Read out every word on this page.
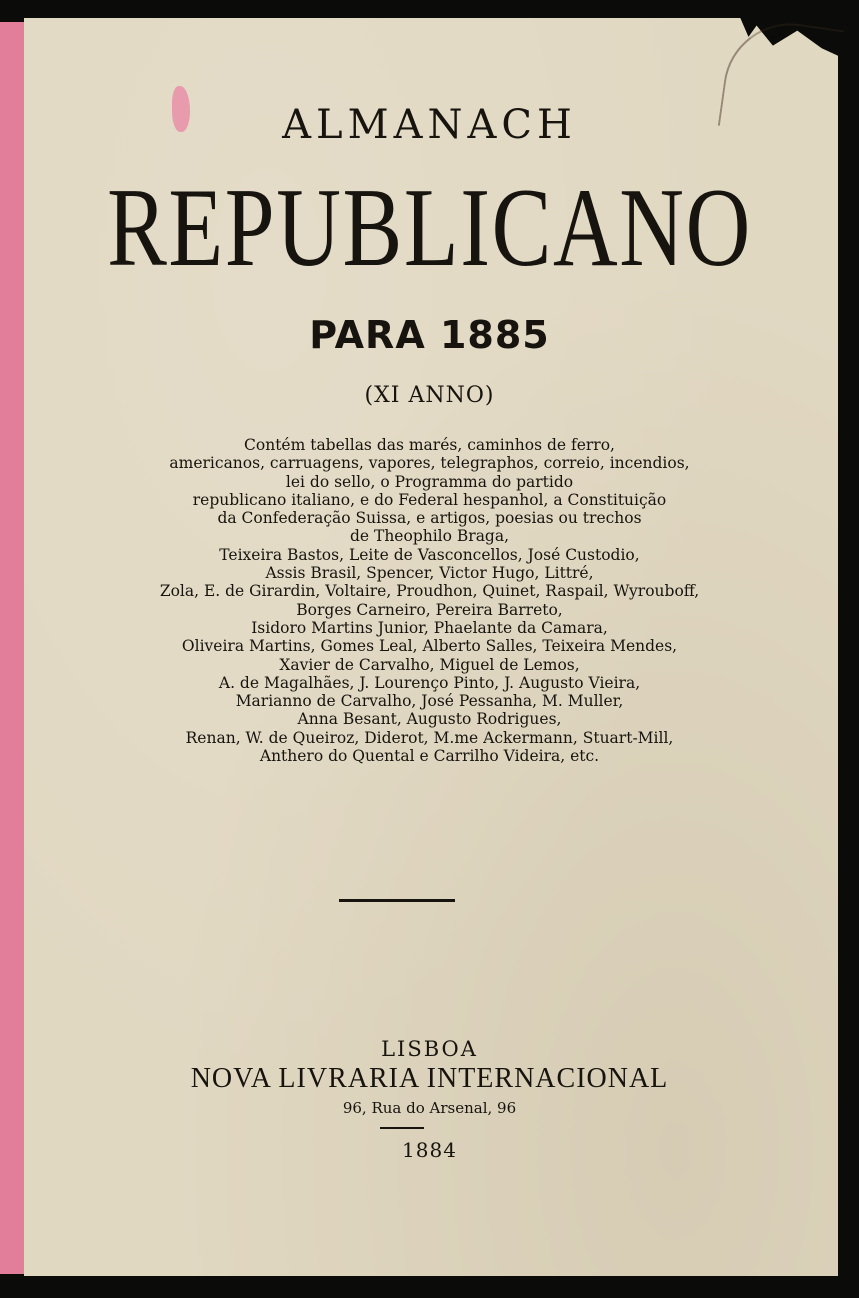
ALMANACH
REPUBLICANO
PARA 1885
(XI ANNO)
Contém tabellas das marés, caminhos de ferro,
americanos, carruagens, vapores, telegraphos, correio, incendios,
lei do sello, o Programma do partido
republicano italiano, e do Federal hespanhol, a Constituição
da Confederação Suissa, e artigos, poesias ou trechos
de Theophilo Braga,
Teixeira Bastos, Leite de Vasconcellos, José Custodio,
Assis Brasil, Spencer, Victor Hugo, Littré,
Zola, E. de Girardin, Voltaire, Proudhon, Quinet, Raspail, Wyrouboff,
Borges Carneiro, Pereira Barreto,
Isidoro Martins Junior, Phaelante da Camara,
Oliveira Martins, Gomes Leal, Alberto Salles, Teixeira Mendes,
Xavier de Carvalho, Miguel de Lemos,
A. de Magalhães, J. Lourenço Pinto, J. Augusto Vieira,
Marianno de Carvalho, José Pessanha, M. Muller,
Anna Besant, Augusto Rodrigues,
Renan, W. de Queiroz, Diderot, M.me Ackermann, Stuart-Mill,
Anthero do Quental e Carrilho Videira, etc.
LISBOA
NOVA LIVRARIA INTERNACIONAL
96, Rua do Arsenal, 96
1884
